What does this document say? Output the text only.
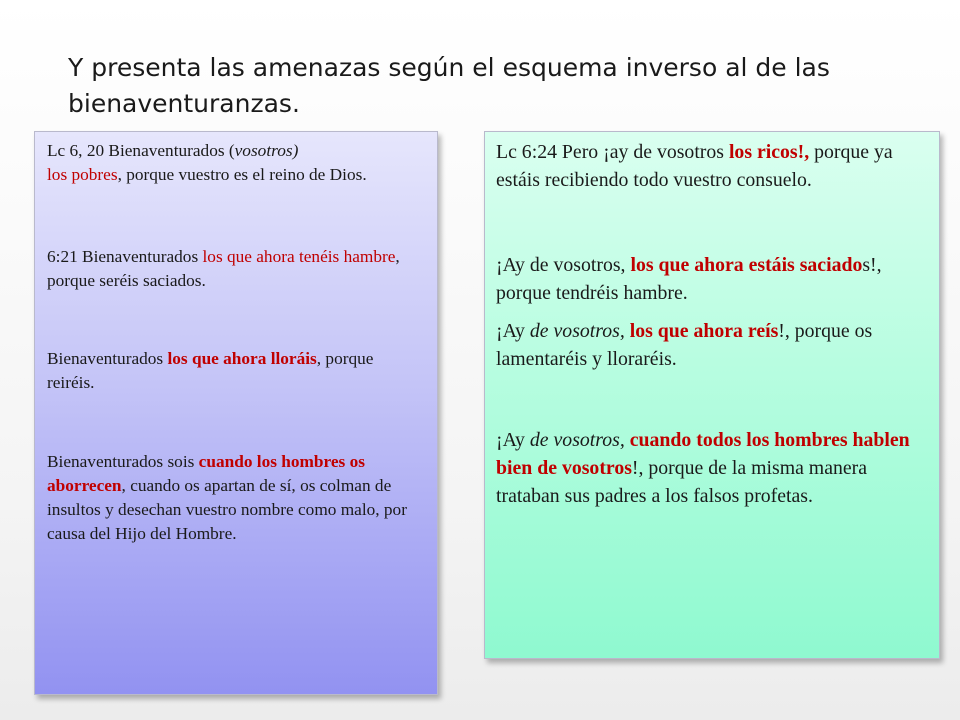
Y presenta las amenazas según el esquema inverso al de las bienaventuranzas.

Lc 6, 20 Bienaventurados (vosotros)
los pobres, porque vuestro es el reino de Dios.

6:21 Bienaventurados los que ahora tenéis hambre, porque seréis saciados.

Bienaventurados los que ahora lloráis, porque reiréis.

Bienaventurados sois cuando los hombres os aborrecen, cuando os apartan de sí, os colman de insultos y desechan vuestro nombre como malo, por causa del Hijo del Hombre.

Lc 6:24 Pero ¡ay de vosotros los ricos!, porque ya estáis recibiendo todo vuestro consuelo.

¡Ay de vosotros, los que ahora estáis saciados!, porque tendréis hambre.

¡Ay de vosotros, los que ahora reís!, porque os lamentaréis y lloraréis.

¡Ay de vosotros, cuando todos los hombres hablen bien de vosotros!, porque de la misma manera trataban sus padres a los falsos profetas.
